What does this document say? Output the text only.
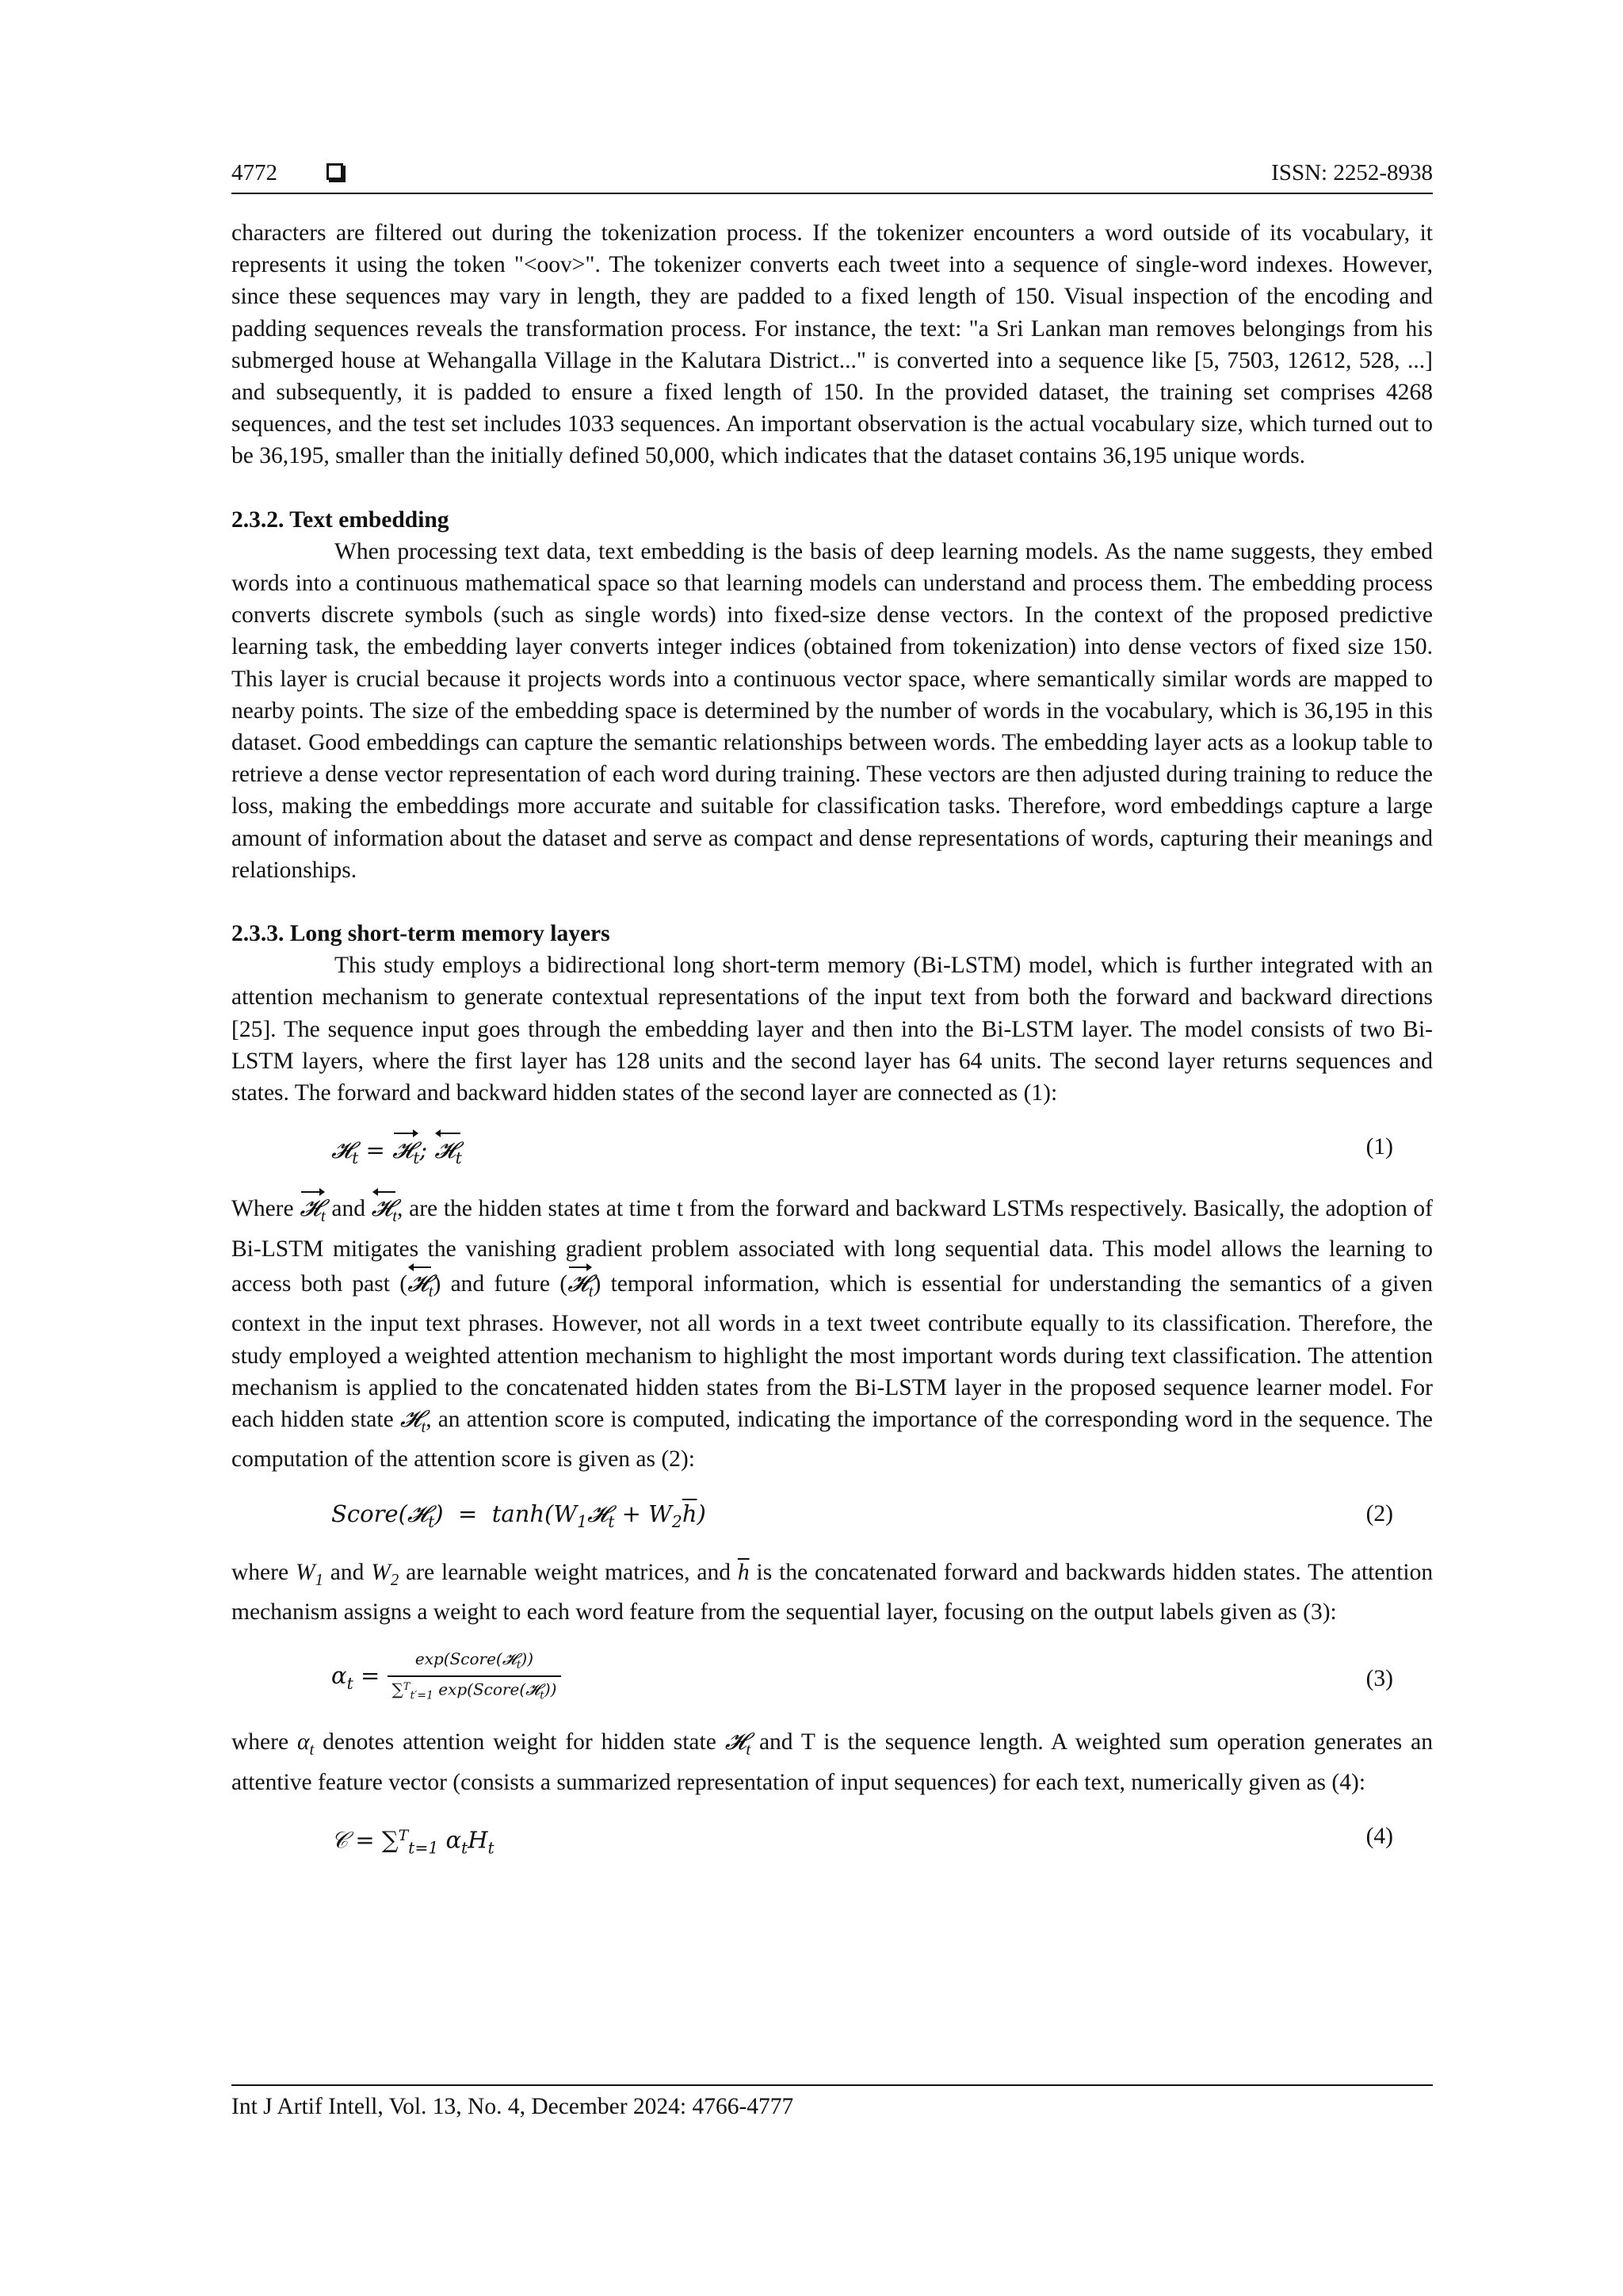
4772	ISSN: 2252-8938

characters are filtered out during the tokenization process. If the tokenizer encounters a word outside of its vocabulary, it represents it using the token "<oov>". The tokenizer converts each tweet into a sequence of single-word indexes. However, since these sequences may vary in length, they are padded to a fixed length of 150. Visual inspection of the encoding and padding sequences reveals the transformation process. For instance, the text: "a Sri Lankan man removes belongings from his submerged house at Wehangalla Village in the Kalutara District..." is converted into a sequence like [5, 7503, 12612, 528, ...] and subsequently, it is padded to ensure a fixed length of 150. In the provided dataset, the training set comprises 4268 sequences, and the test set includes 1033 sequences. An important observation is the actual vocabulary size, which turned out to be 36,195, smaller than the initially defined 50,000, which indicates that the dataset contains 36,195 unique words.

2.3.2. Text embedding

When processing text data, text embedding is the basis of deep learning models. As the name suggests, they embed words into a continuous mathematical space so that learning models can understand and process them. The embedding process converts discrete symbols (such as single words) into fixed-size dense vectors. In the context of the proposed predictive learning task, the embedding layer converts integer indices (obtained from tokenization) into dense vectors of fixed size 150. This layer is crucial because it projects words into a continuous vector space, where semantically similar words are mapped to nearby points. The size of the embedding space is determined by the number of words in the vocabulary, which is 36,195 in this dataset. Good embeddings can capture the semantic relationships between words. The embedding layer acts as a lookup table to retrieve a dense vector representation of each word during training. These vectors are then adjusted during training to reduce the loss, making the embeddings more accurate and suitable for classification tasks. Therefore, word embeddings capture a large amount of information about the dataset and serve as compact and dense representations of words, capturing their meanings and relationships.

2.3.3. Long short-term memory layers

This study employs a bidirectional long short-term memory (Bi-LSTM) model, which is further integrated with an attention mechanism to generate contextual representations of the input text from both the forward and backward directions [25]. The sequence input goes through the embedding layer and then into the Bi-LSTM layer. The model consists of two Bi-LSTM layers, where the first layer has 128 units and the second layer has 64 units. The second layer returns sequences and states. The forward and backward hidden states of the second layer are connected as (1):

𝓗$_t$ = 𝓗$_t$; 𝓗$_t$	(1)

Where 𝓗$_t$ and 𝓗$_t$, are the hidden states at time t from the forward and backward LSTMs respectively. Basically, the adoption of Bi-LSTM mitigates the vanishing gradient problem associated with long sequential data. This model allows the learning to access both past (𝓗$_t$) and future (𝓗$_t$) temporal information, which is essential for understanding the semantics of a given context in the input text phrases. However, not all words in a text tweet contribute equally to its classification. Therefore, the study employed a weighted attention mechanism to highlight the most important words during text classification. The attention mechanism is applied to the concatenated hidden states from the Bi-LSTM layer in the proposed sequence learner model. For each hidden state 𝓗$_t$, an attention score is computed, indicating the importance of the corresponding word in the sequence. The computation of the attention score is given as (2):

Score(𝓗$_t$)  =  $\tanh(W_1𝓗_t + W_2\overline{h})$	(2)

where $W_1$ and $W_2$ are learnable weight matrices, and $\overline{h}$ is the concatenated forward and backwards hidden states. The attention mechanism assigns a weight to each word feature from the sequential layer, focusing on the output labels given as (3):

$\alpha_t = \frac{\exp(Score(𝓗_t))}{\sum^T_{t'=1} \exp(Score(𝓗_t))}$	(3)

where $\alpha_t$ denotes attention weight for hidden state 𝓗$_t$ and T is the sequence length. A weighted sum operation generates an attentive feature vector (consists a summarized representation of input sequences) for each text, numerically given as (4):

𝒞 = ∑$^T_{t=1}$ $\alpha_tH_t$	(4)
Int J Artif Intell, Vol. 13, No. 4, December 2024: 4766-4777
